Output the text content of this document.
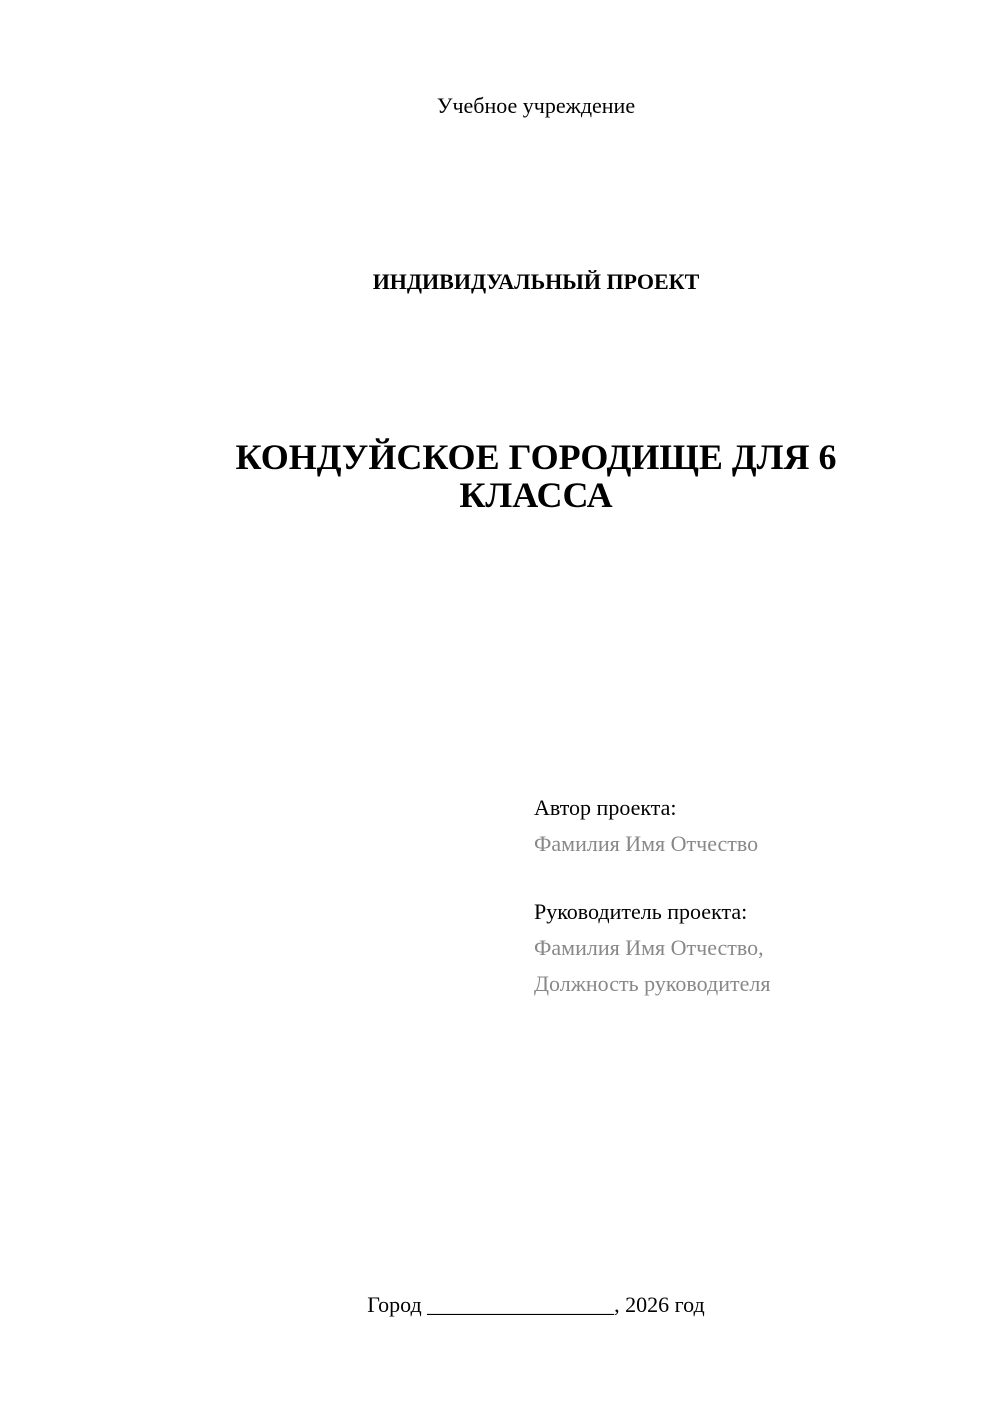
Учебное учреждение
ИНДИВИДУАЛЬНЫЙ ПРОЕКТ
КОНДУЙСКОЕ ГОРОДИЩЕ ДЛЯ 6
КЛАССА
Автор проекта:
Фамилия Имя Отчество
Руководитель проекта:
Фамилия Имя Отчество,
Должность руководителя
Город _________________, 2026 год
